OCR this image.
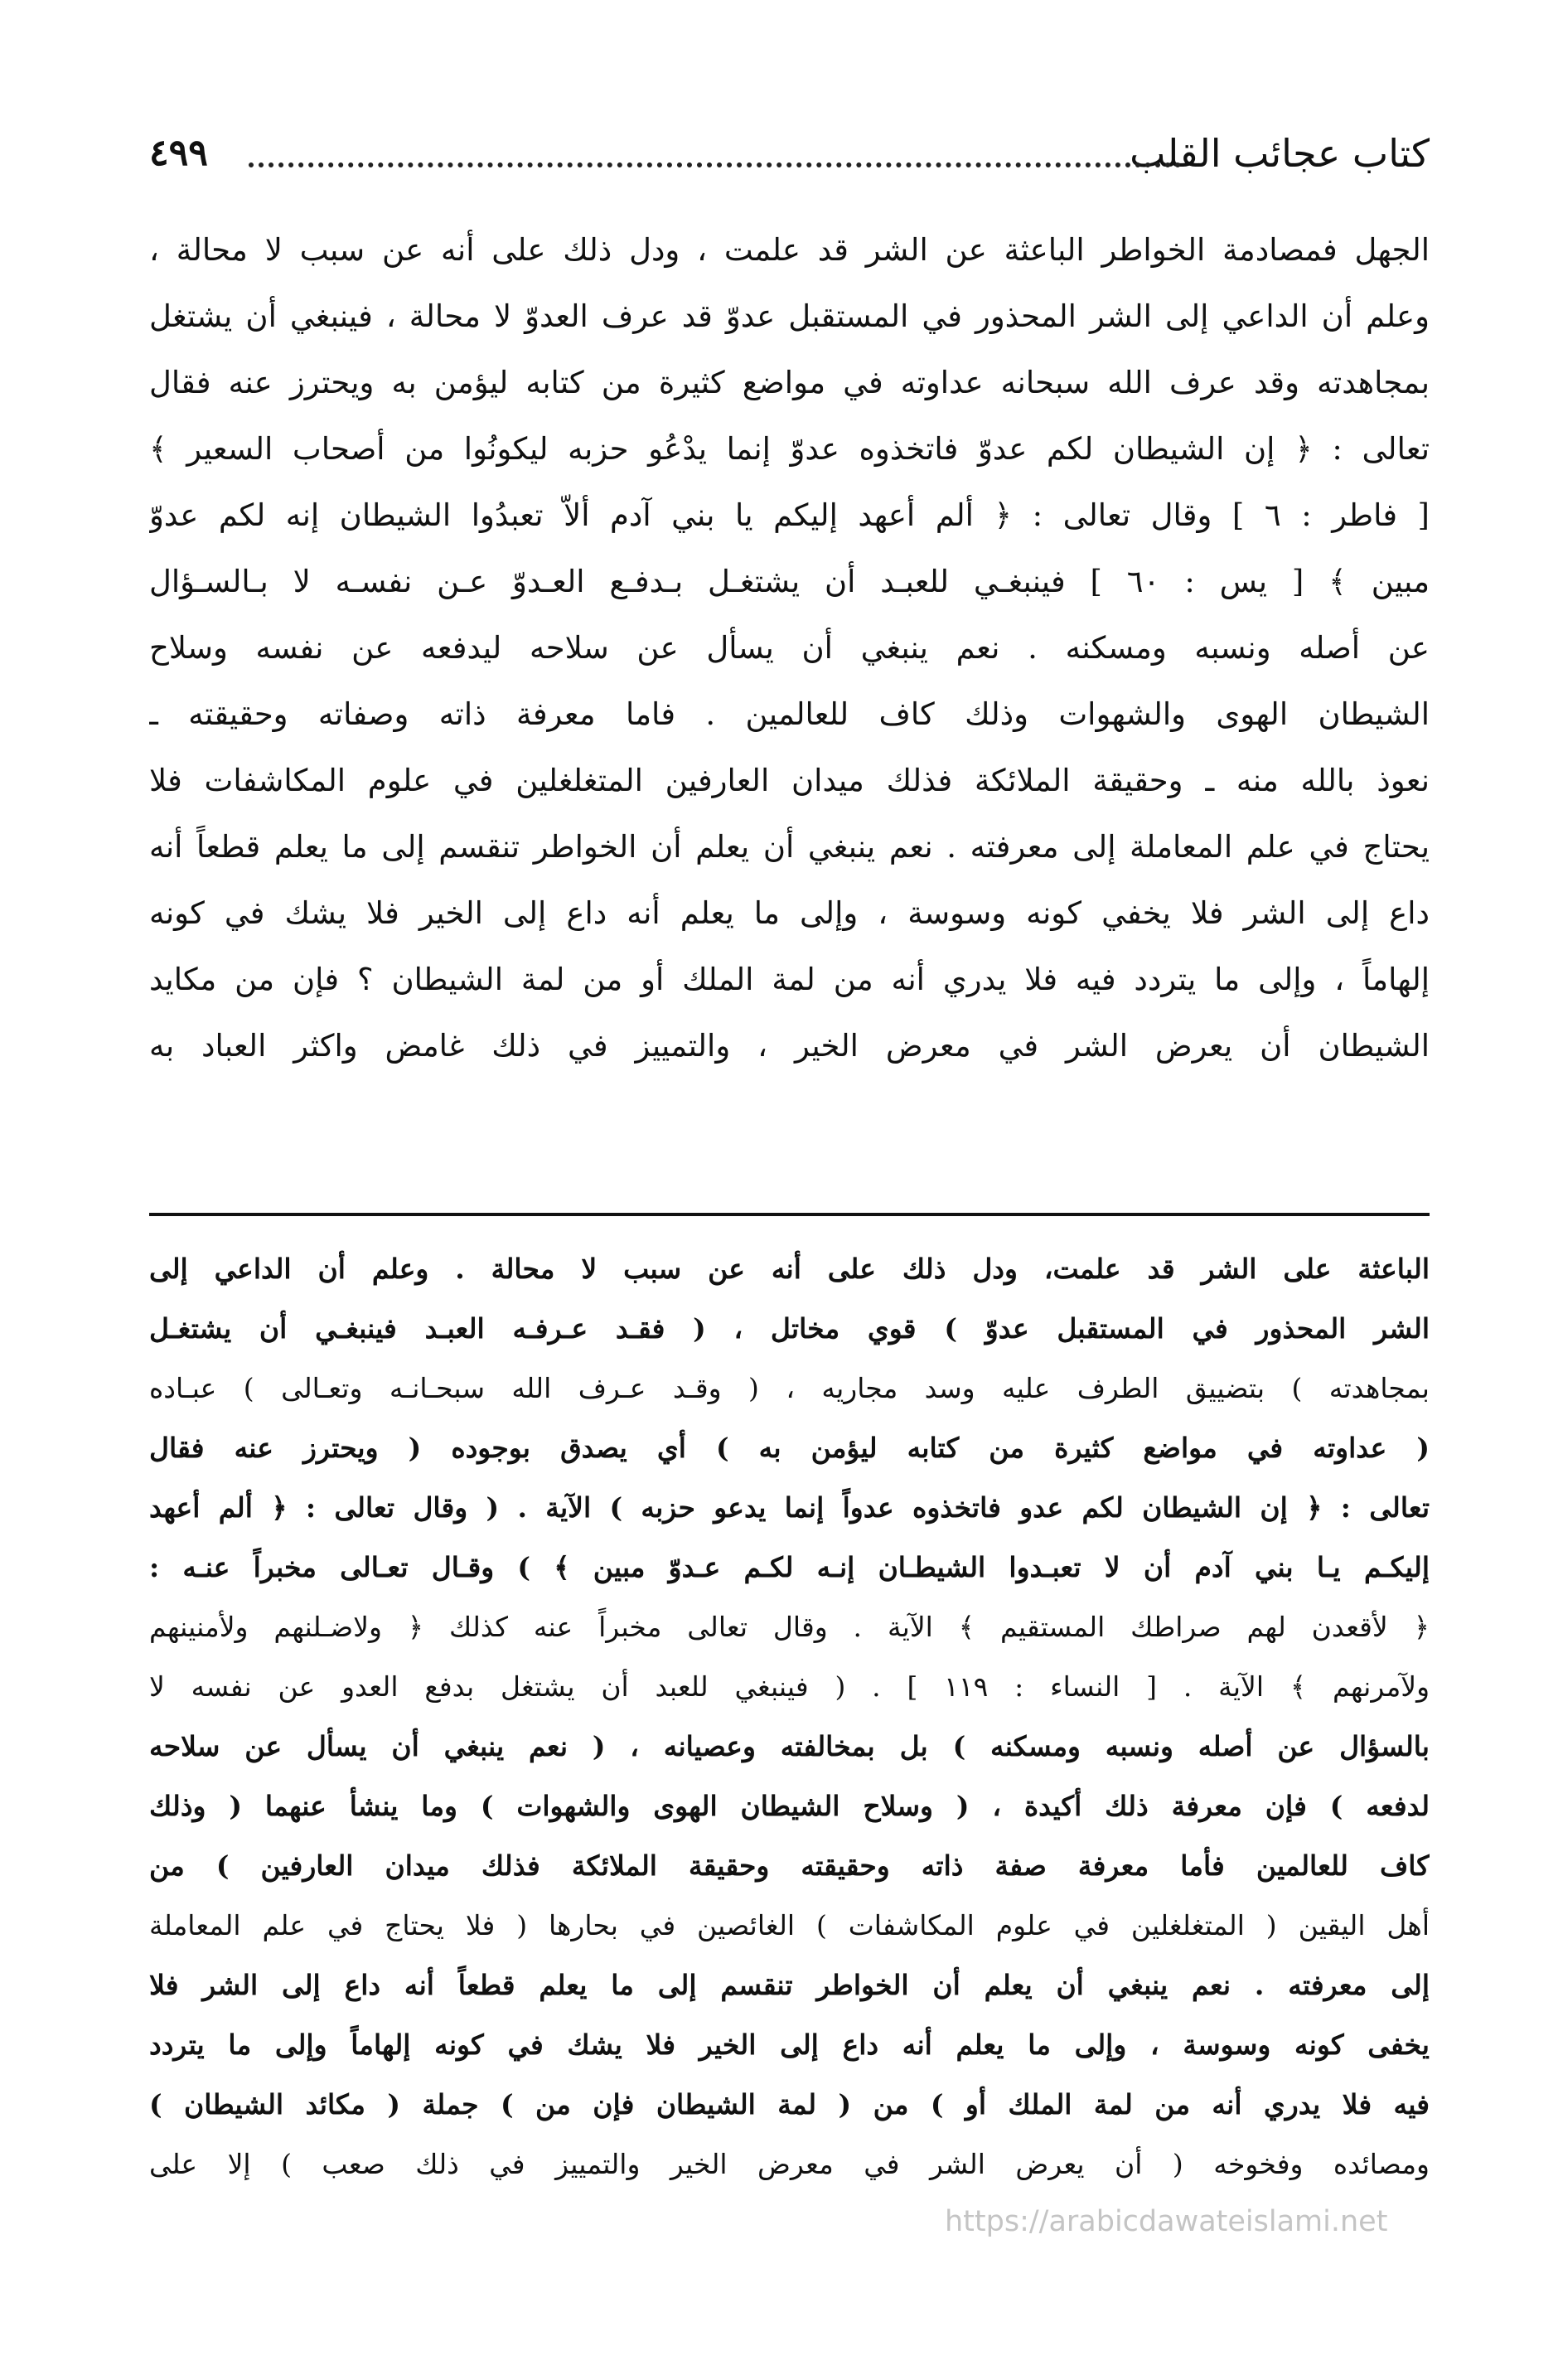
كتاب عجائب القلب
٤٩٩
الجهل فمصادمة الخواطر الباعثة عن الشر قد علمت ، ودل ذلك على أنه عن سبب لا محالة ،
وعلم أن الداعي إلى الشر المحذور في المستقبل عدوّ قد عرف العدوّ لا محالة ، فينبغي أن يشتغل
بمجاهدته وقد عرف الله سبحانه عداوته في مواضع كثيرة من كتابه ليؤمن به ويحترز عنه فقال
تعالى : ﴿ إن الشيطان لكم عدوّ فاتخذوه عدوّ إنما يدْعُو حزبه ليكونُوا من أصحاب السعير ﴾
[ فاطر : ٦ ] وقال تعالى : ﴿ ألم أعهد إليكم يا بني آدم ألاّ تعبدُوا الشيطان إنه لكم عدوّ
مبين ﴾ [ يس : ٦٠ ] فينبغـي للعبـد أن يشتغـل بـدفـع العـدوّ عـن نفسـه لا بـالسـؤال
عن أصله ونسبه ومسكنه . نعم ينبغي أن يسأل عن سلاحه ليدفعه عن نفسه وسلاح
الشيطان الهوى والشهوات وذلك كاف للعالمين . فاما معرفة ذاته وصفاته وحقيقته ـ
نعوذ بالله منه ـ وحقيقة الملائكة فذلك ميدان العارفين المتغلغلين في علوم المكاشفات فلا
يحتاج في علم المعاملة إلى معرفته . نعم ينبغي أن يعلم أن الخواطر تنقسم إلى ما يعلم قطعاً أنه
داع إلى الشر فلا يخفي كونه وسوسة ، وإلى ما يعلم أنه داع إلى الخير فلا يشك في كونه
إلهاماً ، وإلى ما يتردد فيه فلا يدري أنه من لمة الملك أو من لمة الشيطان ؟ فإن من مكايد
الشيطان أن يعرض الشر في معرض الخير ، والتمييز في ذلك غامض واكثر العباد به
الباعثة على الشر قد علمت، ودل ذلك على أنه عن سبب لا محالة . وعلم أن الداعي إلى
الشر المحذور في المستقبل عدوّ ) قوي مخاتل ، ( فقـد عـرفـه العبـد فينبغـي أن يشتغـل
بمجاهدته ) بتضييق الطرف عليه وسد مجاريه ، ( وقـد عـرف الله سبحـانـه وتعـالى ) عبـاده
( عداوته في مواضع كثيرة من كتابه ليؤمن به ) أي يصدق بوجوده ( ويحترز عنه فقال
تعالى : ﴿ إن الشيطان لكم عدو فاتخذوه عدواً إنما يدعو حزبه ) الآية . ( وقال تعالى : ﴿ ألم أعهد
إليكـم يـا بني آدم أن لا تعبـدوا الشيطـان إنـه لكـم عـدوّ مبين ﴾ ) وقـال تعـالى مخبراً عنـه :
﴿ لأقعدن لهم صراطك المستقيم ﴾ الآية . وقال تعالى مخبراً عنه كذلك ﴿ ولاضـلنهم ولأمنينهم
ولآمرنهم ﴾ الآية . [ النساء : ١١٩ ] . ( فينبغي للعبد أن يشتغل بدفع العدو عن نفسه لا
بالسؤال عن أصله ونسبه ومسكنه ) بل بمخالفته وعصيانه ، ( نعم ينبغي أن يسأل عن سلاحه
لدفعه ) فإن معرفة ذلك أكيدة ، ( وسلاح الشيطان الهوى والشهوات ) وما ينشأ عنهما ( وذلك
كاف للعالمين فأما معرفة صفة ذاته وحقيقته وحقيقة الملائكة فذلك ميدان العارفين ) من
أهل اليقين ( المتغلغلين في علوم المكاشفات ) الغائصين في بحارها ( فلا يحتاج في علم المعاملة
إلى معرفته . نعم ينبغي أن يعلم أن الخواطر تنقسم إلى ما يعلم قطعاً أنه داع إلى الشر فلا
يخفى كونه وسوسة ، وإلى ما يعلم أنه داع إلى الخير فلا يشك في كونه إلهاماً وإلى ما يتردد
فيه فلا يدري أنه من لمة الملك أو ) من ( لمة الشيطان فإن من ) جملة ( مكائد الشيطان )
ومصائده وفخوخه ( أن يعرض الشر في معرض الخير والتمييز في ذلك صعب ) إلا على
https://arabicdawateislami.net
